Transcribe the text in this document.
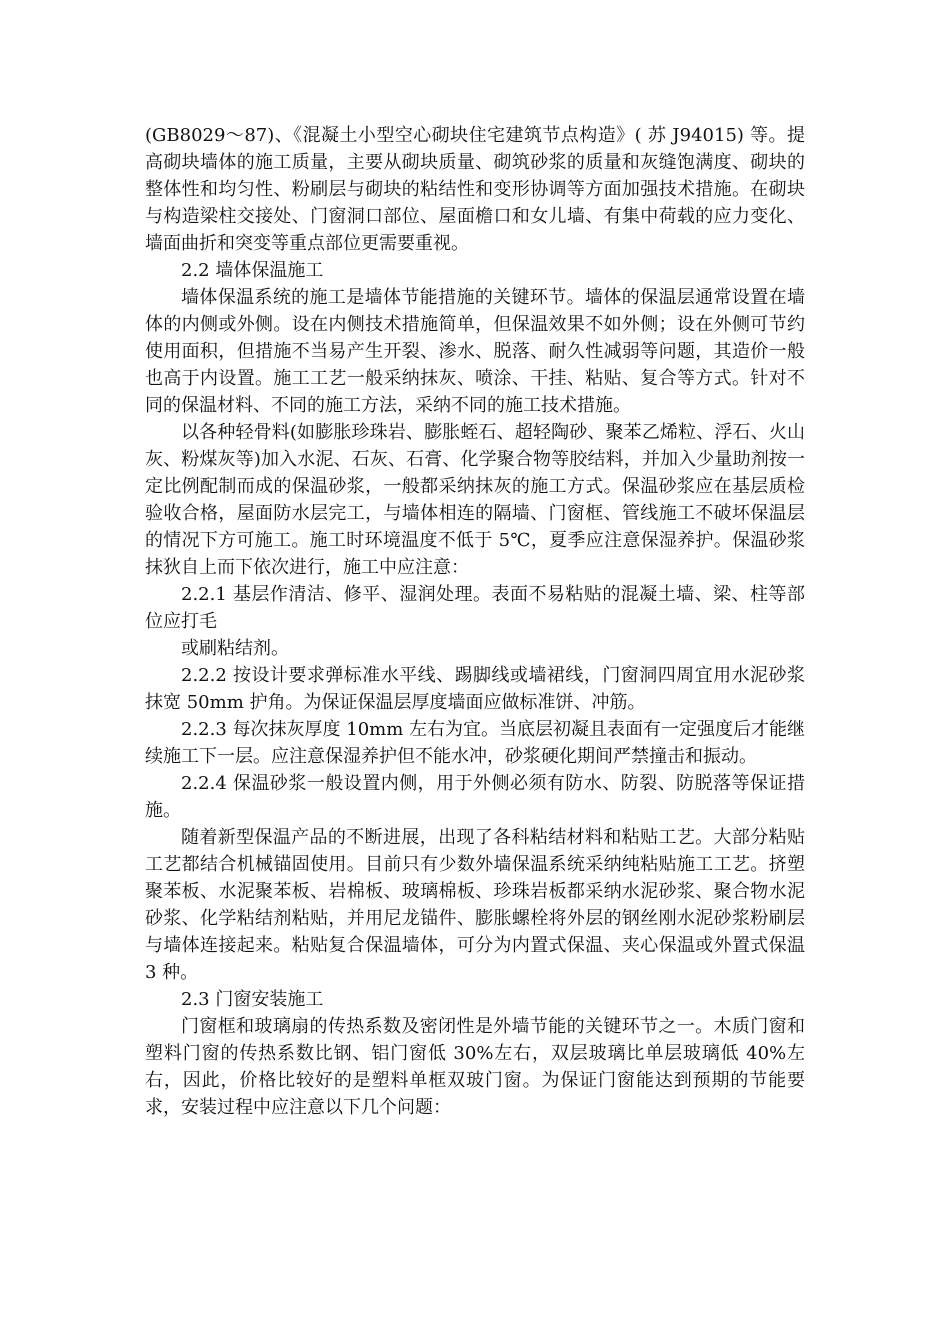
(GB8029～87)、《混凝土小型空心砌块住宅建筑节点构造》( 苏 J94015) 等。提高砌块墙体的施工质量，主要从砌块质量、砌筑砂浆的质量和灰缝饱满度、砌块的整体性和均匀性、粉刷层与砌块的粘结性和变形协调等方面加强技术措施。在砌块与构造梁柱交接处、门窗洞口部位、屋面檐口和女儿墙、有集中荷载的应力变化、墙面曲折和突变等重点部位更需要重视。

2.2 墙体保温施工

墙体保温系统的施工是墙体节能措施的关键环节。墙体的保温层通常设置在墙体的内侧或外侧。设在内侧技术措施简单，但保温效果不如外侧；设在外侧可节约使用面积，但措施不当易产生开裂、渗水、脱落、耐久性减弱等问题，其造价一般也高于内设置。施工工艺一般采纳抹灰、喷涂、干挂、粘贴、复合等方式。针对不同的保温材料、不同的施工方法，采纳不同的施工技术措施。

以各种轻骨料(如膨胀珍珠岩、膨胀蛭石、超轻陶砂、聚苯乙烯粒、浮石、火山灰、粉煤灰等)加入水泥、石灰、石膏、化学聚合物等胶结料，并加入少量助剂按一定比例配制而成的保温砂浆，一般都采纳抹灰的施工方式。保温砂浆应在基层质检验收合格，屋面防水层完工，与墙体相连的隔墙、门窗框、管线施工不破坏保温层的情况下方可施工。施工时环境温度不低于 5℃，夏季应注意保湿养护。保温砂浆抹狄自上而下依次进行，施工中应注意：

2.2.1 基层作清洁、修平、湿润处理。表面不易粘贴的混凝土墙、梁、柱等部位应打毛

或刷粘结剂。

2.2.2 按设计要求弹标准水平线、踢脚线或墙裙线，门窗洞四周宜用水泥砂浆抹宽 50mm 护角。为保证保温层厚度墙面应做标准饼、冲筋。

2.2.3 每次抹灰厚度 10mm 左右为宜。当底层初凝且表面有一定强度后才能继续施工下一层。应注意保湿养护但不能水冲，砂浆硬化期间严禁撞击和振动。

2.2.4 保温砂浆一般设置内侧，用于外侧必须有防水、防裂、防脱落等保证措施。

随着新型保温产品的不断进展，出现了各科粘结材料和粘贴工艺。大部分粘贴工艺都结合机械锚固使用。目前只有少数外墙保温系统采纳纯粘贴施工工艺。挤塑聚苯板、水泥聚苯板、岩棉板、玻璃棉板、珍珠岩板都采纳水泥砂浆、聚合物水泥砂浆、化学粘结剂粘贴，并用尼龙锚件、膨胀螺栓将外层的钢丝刚水泥砂浆粉刷层与墙体连接起来。粘贴复合保温墙体，可分为内置式保温、夹心保温或外置式保温 3 种。

2.3 门窗安装施工

门窗框和玻璃扇的传热系数及密闭性是外墙节能的关键环节之一。木质门窗和塑料门窗的传热系数比钢、铝门窗低 30%左右，双层玻璃比单层玻璃低 40%左右，因此，价格比较好的是塑料单框双玻门窗。为保证门窗能达到预期的节能要求，安装过程中应注意以下几个问题：
